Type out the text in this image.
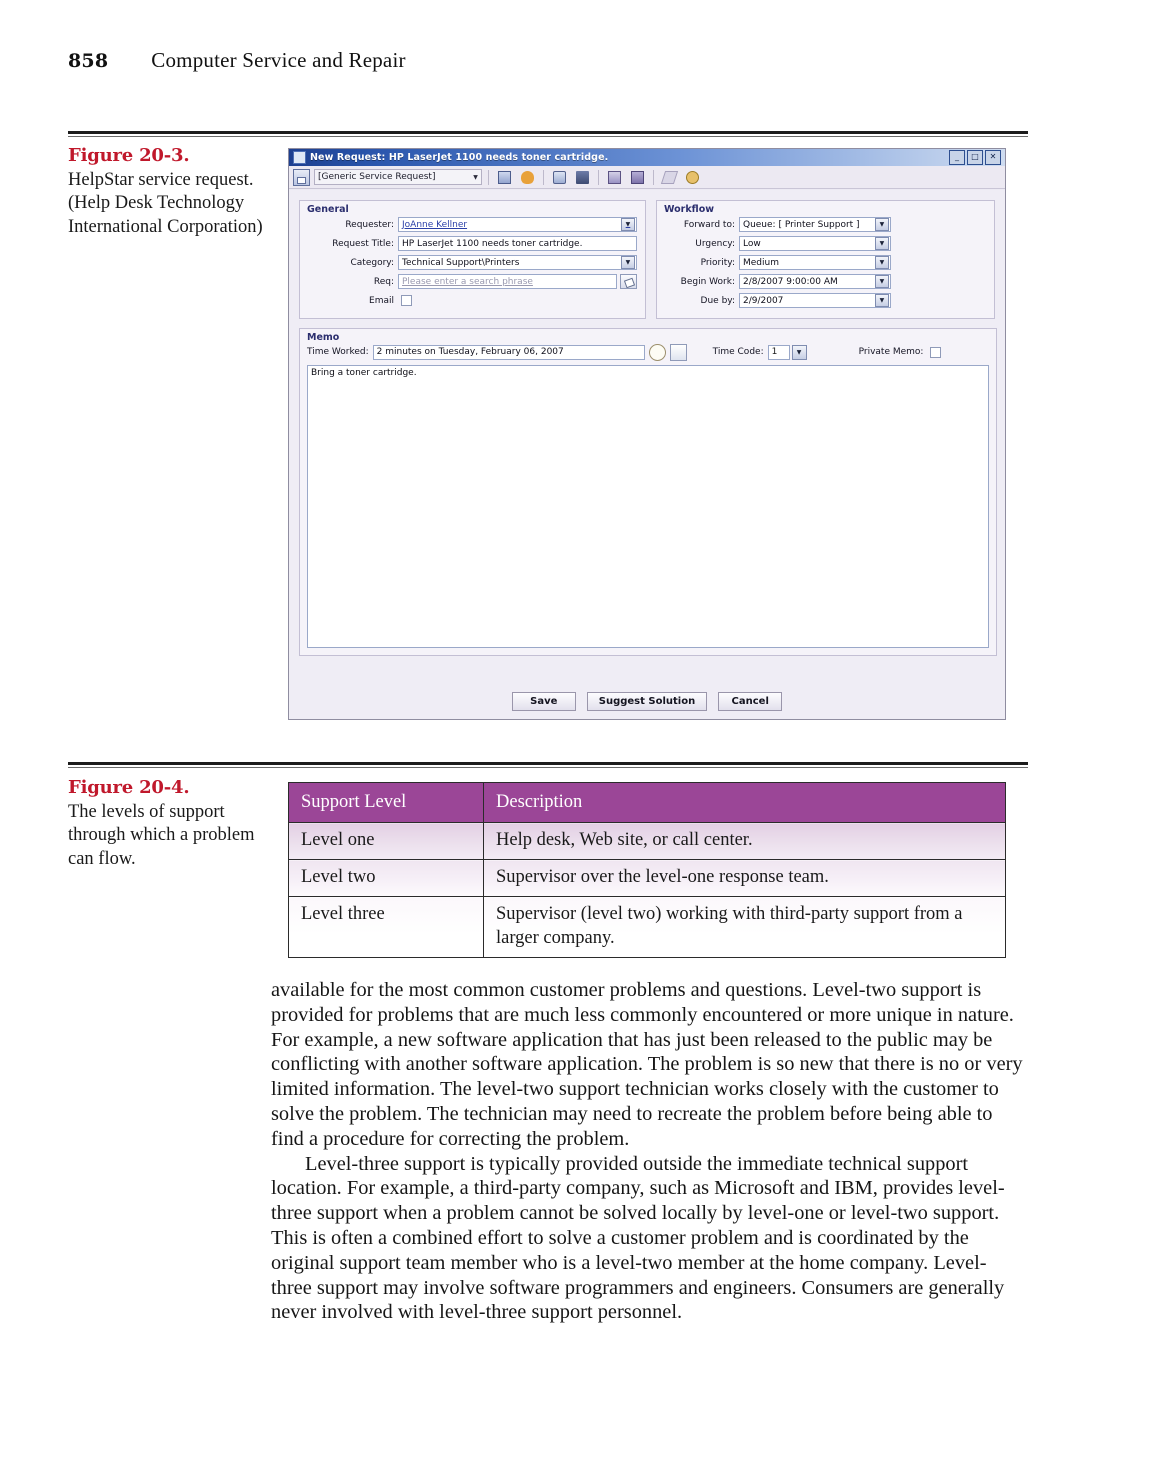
858 Computer Service and Repair
Figure 20-3.
HelpStar service request. (Help Desk Technology International Corporation)
New Request: HP LaserJet 1100 needs toner cartridge.	_	□	✕
[Generic Service Request]	▼
General
Requester: JoAnne Kellner	▼
Request Title: HP LaserJet 1100 needs toner cartridge.
Category: Technical Support\Printers	▼
Req: Please enter a search phrase
Email
Workflow
Forward to: Queue: [ Printer Support ]	▼
Urgency: Low	▼
Priority: Medium	▼
Begin Work: 2/8/2007 9:00:00 AM	▼
Due by: 2/9/2007	▼
Memo
Time Worked: 2 minutes on Tuesday, February 06, 2007	Time Code: 1	▼	Private Memo:
Bring a toner cartridge.
Save	Suggest Solution	Cancel
Figure 20-4.
The levels of support through which a problem can flow.
Support Level	Description
Level one	Help desk, Web site, or call center.
Level two	Supervisor over the level-one response team.
Level three	Supervisor (level two) working with third-party support from a larger company.

available for the most common customer problems and questions. Level-two support is provided for problems that are much less commonly encountered or more unique in nature. For example, a new software application that has just been released to the public may be conflicting with another software application. The problem is so new that there is no or very limited information. The level-two support technician works closely with the customer to solve the problem. The technician may need to recreate the problem before being able to find a procedure for correcting the problem.

Level-three support is typically provided outside the immediate technical support location. For example, a third-party company, such as Microsoft and IBM, provides level-three support when a problem cannot be solved locally by level-one or level-two support. This is often a combined effort to solve a customer problem and is coordinated by the original support team member who is a level-two member at the home company. Level-three support may involve software programmers and engineers. Consumers are generally never involved with level-three support personnel.
